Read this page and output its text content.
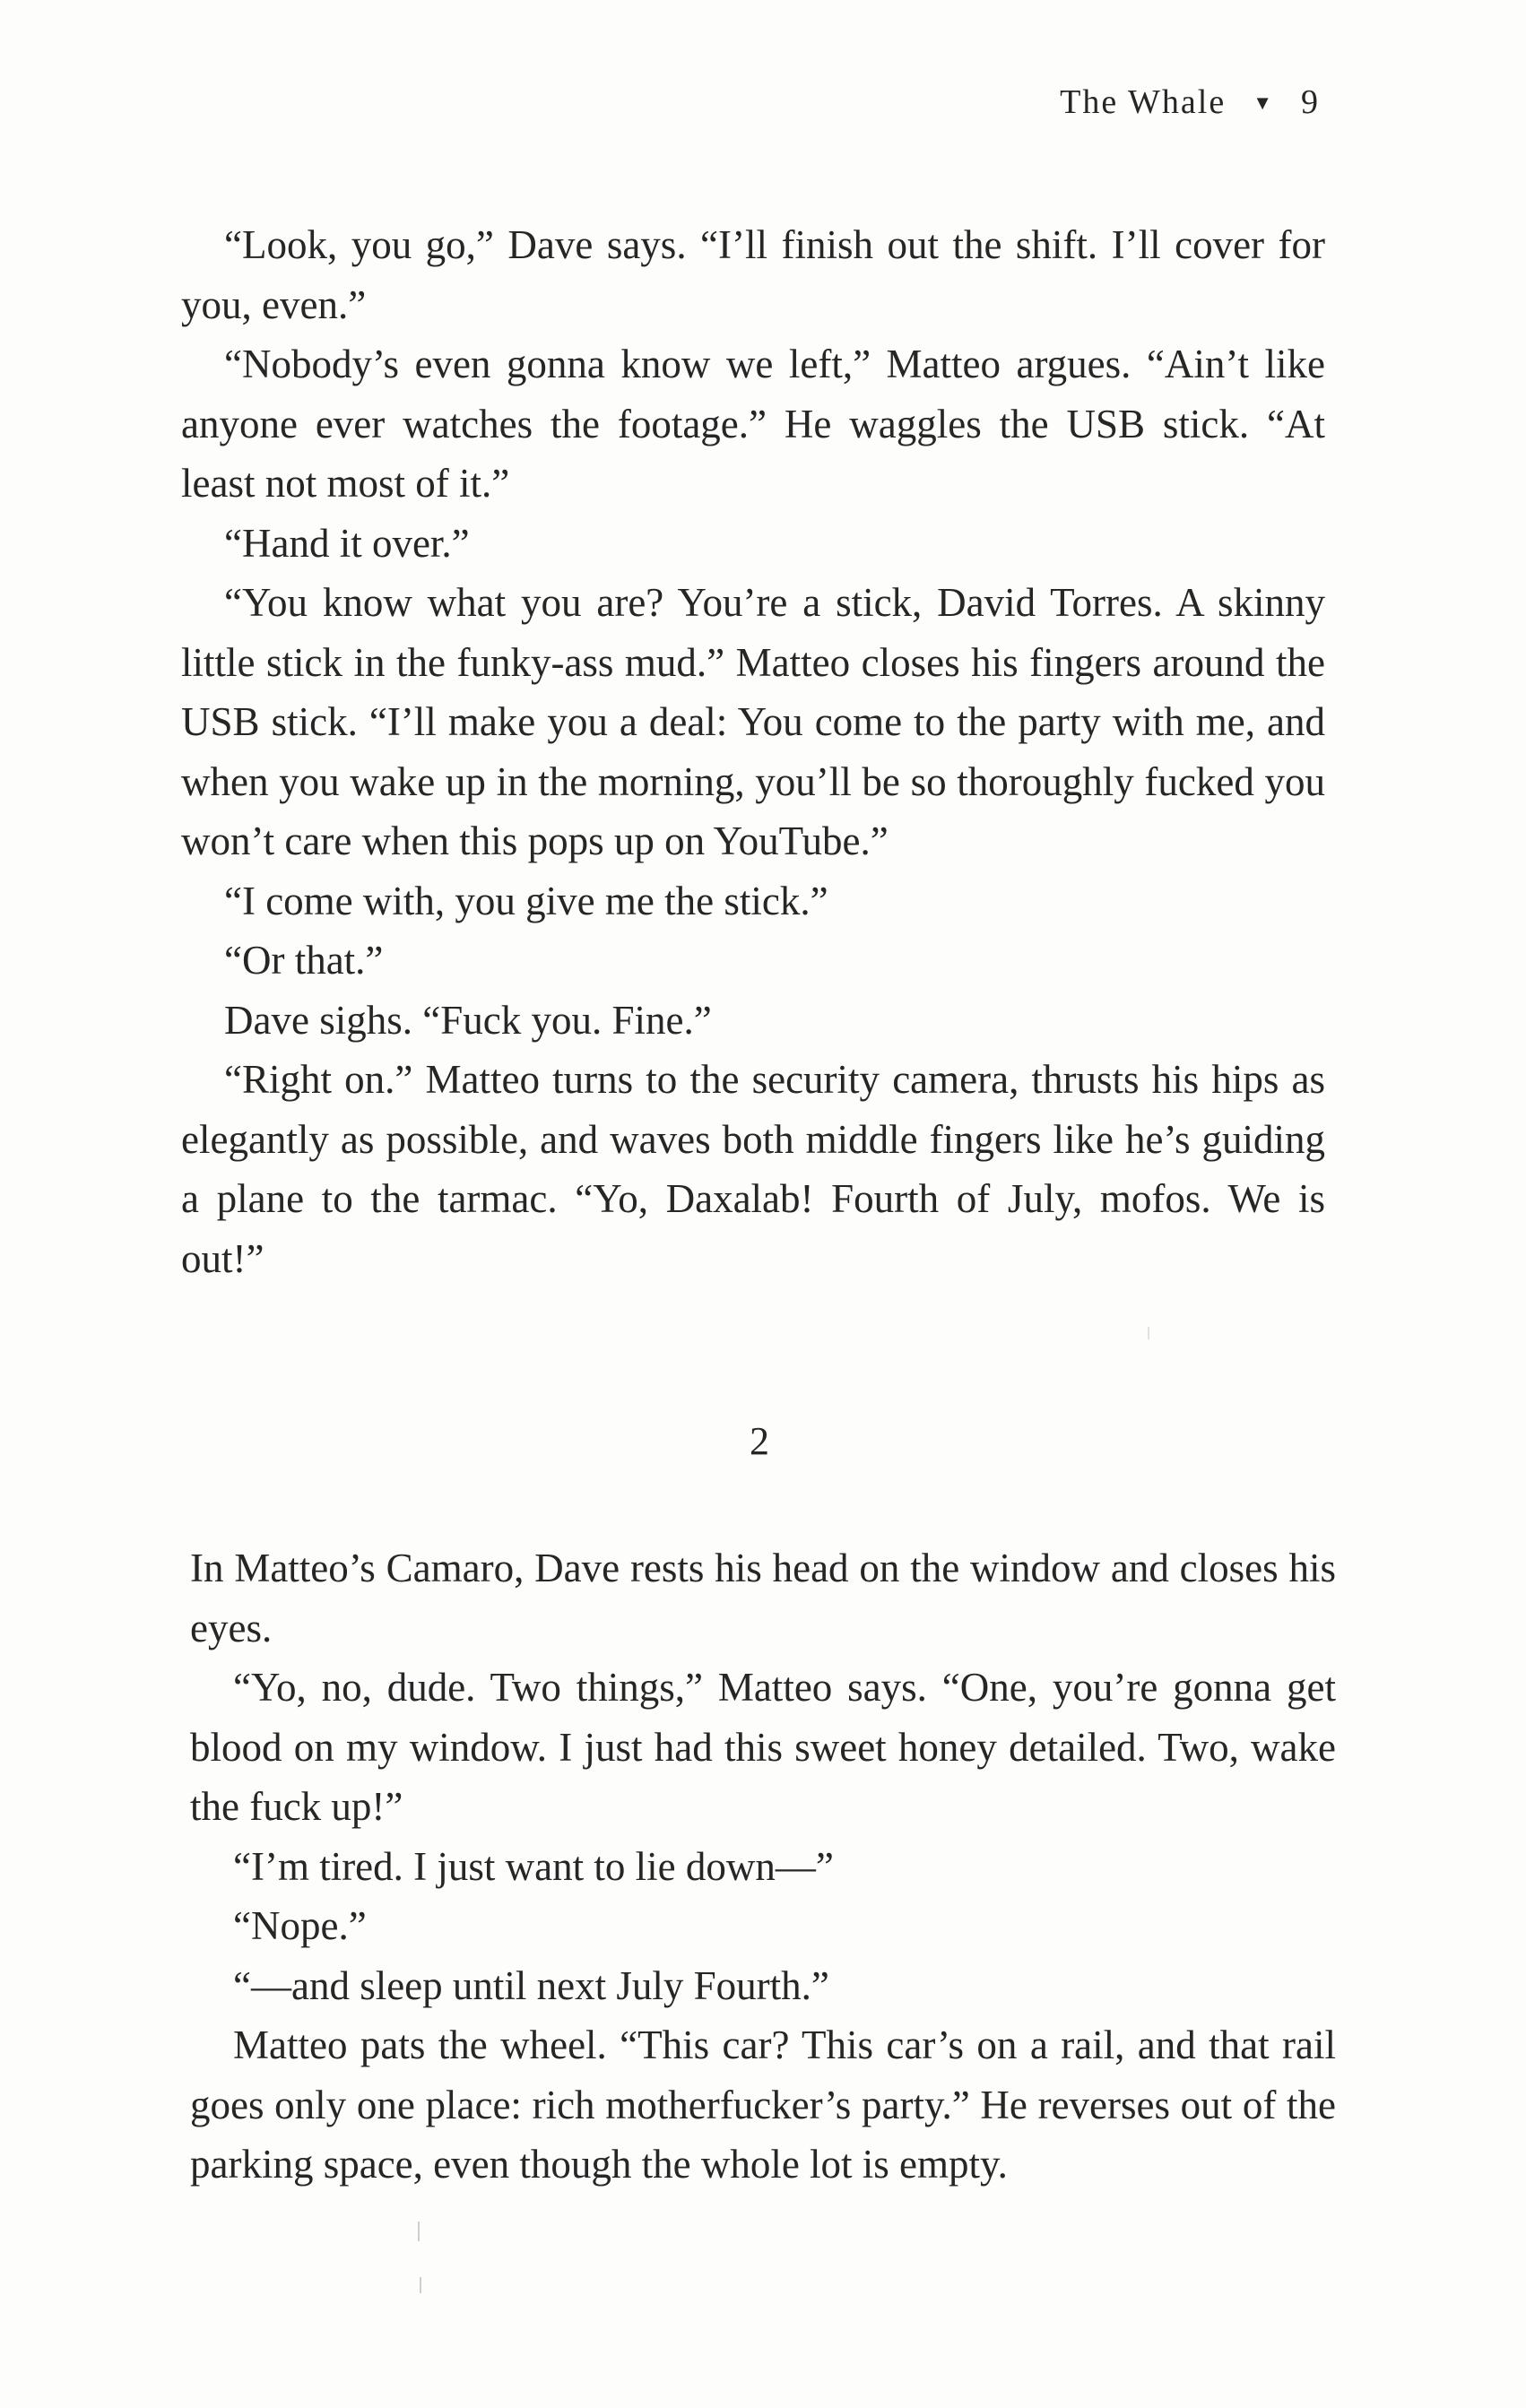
The Whale ▼ 9

“Look, you go,” Dave says. “I’ll finish out the shift. I’ll cover for you, even.”

“Nobody’s even gonna know we left,” Matteo argues. “Ain’t like anyone ever watches the footage.” He waggles the USB stick. “At least not most of it.”

“Hand it over.”

“You know what you are? You’re a stick, David Torres. A skinny little stick in the funky-ass mud.” Matteo closes his fingers around the USB stick. “I’ll make you a deal: You come to the party with me, and when you wake up in the morning, you’ll be so thoroughly fucked you won’t care when this pops up on YouTube.”

“I come with, you give me the stick.”

“Or that.”

Dave sighs. “Fuck you. Fine.”

“Right on.” Matteo turns to the security camera, thrusts his hips as elegantly as possible, and waves both middle fingers like he’s guiding a plane to the tarmac. “Yo, Daxalab! Fourth of July, mofos. We is out!”

2

In Matteo’s Camaro, Dave rests his head on the window and closes his eyes.

“Yo, no, dude. Two things,” Matteo says. “One, you’re gonna get blood on my window. I just had this sweet honey detailed. Two, wake the fuck up!”

“I’m tired. I just want to lie down—”

“Nope.”

“—and sleep until next July Fourth.”

Matteo pats the wheel. “This car? This car’s on a rail, and that rail goes only one place: rich motherfucker’s party.” He reverses out of the parking space, even though the whole lot is empty.
